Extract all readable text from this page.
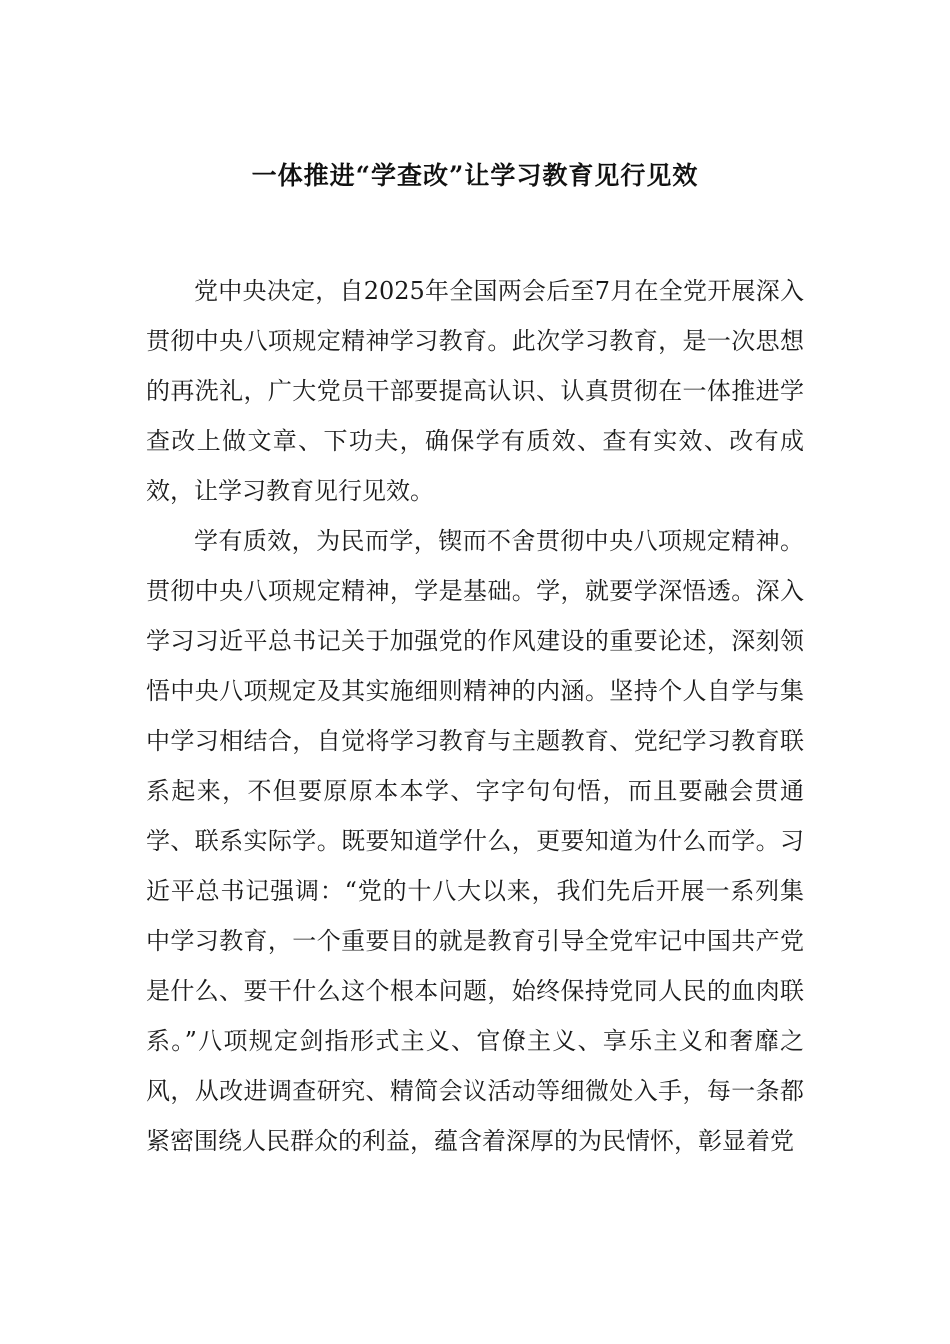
一体推进“学查改”让学习教育见行见效

党中央决定，自2025年全国两会后至7月在全党开展深入贯彻中央八项规定精神学习教育。此次学习教育，是一次思想的再洗礼，广大党员干部要提高认识、认真贯彻在一体推进学查改上做文章、下功夫，确保学有质效、查有实效、改有成效，让学习教育见行见效。

学有质效，为民而学，锲而不舍贯彻中央八项规定精神。贯彻中央八项规定精神，学是基础。学，就要学深悟透。深入学习习近平总书记关于加强党的作风建设的重要论述，深刻领悟中央八项规定及其实施细则精神的内涵。坚持个人自学与集中学习相结合，自觉将学习教育与主题教育、党纪学习教育联系起来，不但要原原本本学、字字句句悟，而且要融会贯通学、联系实际学。既要知道学什么，更要知道为什么而学。习近平总书记强调：“党的十八大以来，我们先后开展一系列集中学习教育，一个重要目的就是教育引导全党牢记中国共产党是什么、要干什么这个根本问题，始终保持党同人民的血肉联系。”八项规定剑指形式主义、官僚主义、享乐主义和奢靡之风，从改进调查研究、精简会议活动等细微处入手，每一条都紧密围绕人民群众的利益，蕴含着深厚的为民情怀，彰显着党
